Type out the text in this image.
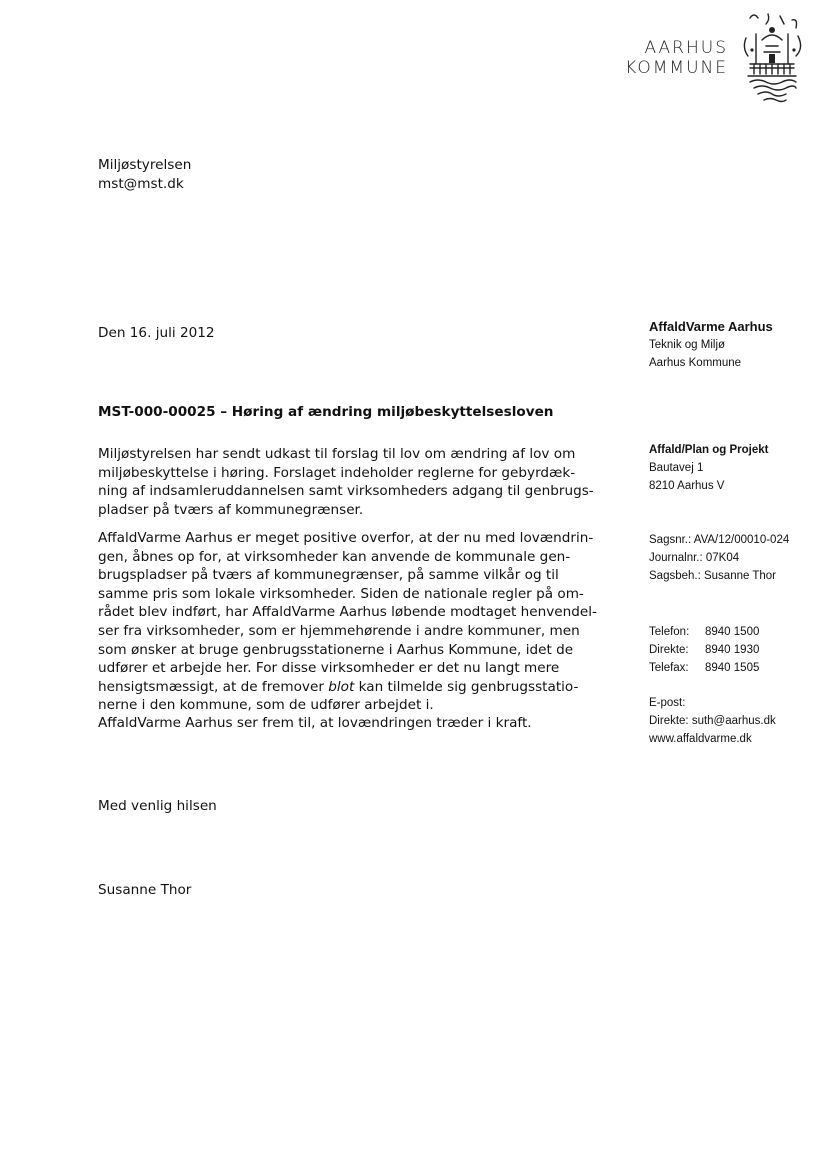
AARHUS
KOMMUNE
Miljøstyrelsen
mst@mst.dk
Den 16. juli 2012	AffaldVarme Aarhus
Teknik og Miljø
Aarhus Kommune
MST-000-00025 – Høring af ændring miljøbeskyttelsesloven
Miljøstyrelsen har sendt udkast til forslag til lov om ændring af lov om
miljøbeskyttelse i høring. Forslaget indeholder reglerne for gebyrdæk-
ning af indsamleruddannelsen samt virksomheders adgang til genbrugs-
pladser på tværs af kommunegrænser.
AffaldVarme Aarhus er meget positive overfor, at der nu med lovændrin-
gen, åbnes op for, at virksomheder kan anvende de kommunale gen-
brugspladser på tværs af kommunegrænser, på samme vilkår og til
samme pris som lokale virksomheder. Siden de nationale regler på om-
rådet blev indført, har AffaldVarme Aarhus løbende modtaget henvendel-
ser fra virksomheder, som er hjemmehørende i andre kommuner, men
som ønsker at bruge genbrugsstationerne i Aarhus Kommune, idet de
udfører et arbejde her. For disse virksomheder er det nu langt mere
hensigtsmæssigt, at de fremover blot kan tilmelde sig genbrugsstatio-
nerne i den kommune, som de udfører arbejdet i.
AffaldVarme Aarhus ser frem til, at lovændringen træder i kraft.
Med venlig hilsen
Susanne Thor
Affald/Plan og Projekt
Bautavej 1
8210 Aarhus V
Sagsnr.: AVA/12/00010-024
Journalnr.: 07K04
Sagsbeh.: Susanne Thor
Telefon: 8940 1500
Direkte: 8940 1930
Telefax: 8940 1505
E-post:
Direkte: suth@aarhus.dk
www.affaldvarme.dk
